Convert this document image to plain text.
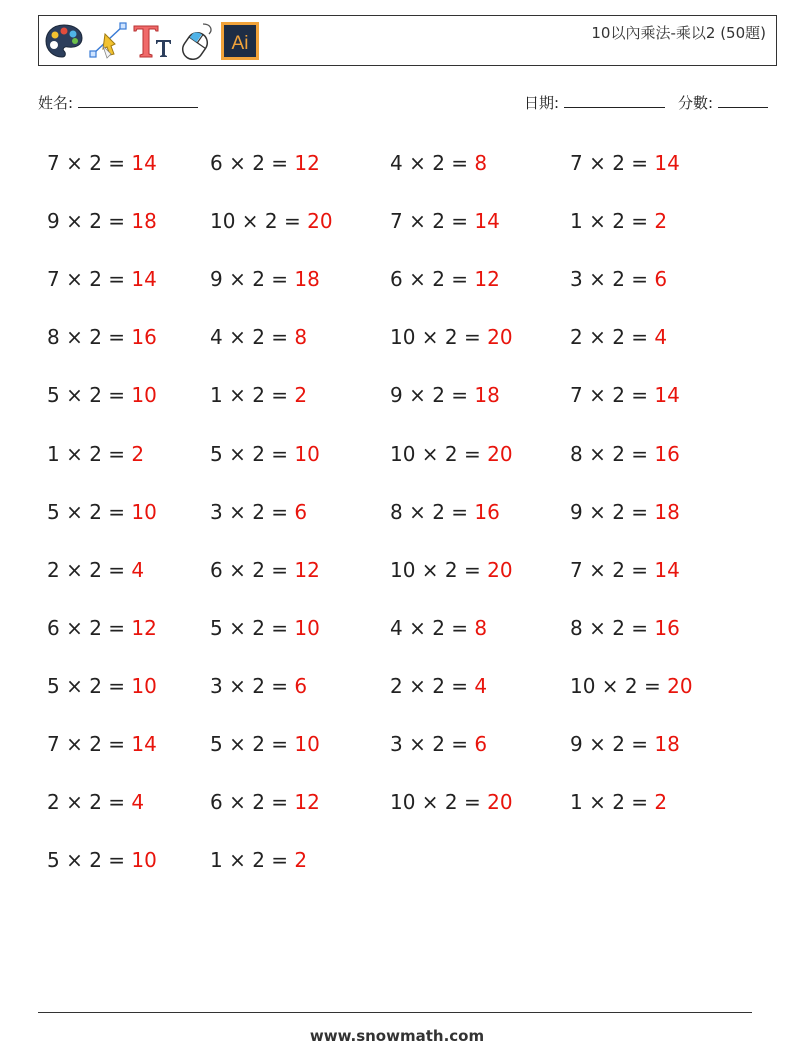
Ai	10以內乘法-乘以2 (50題)
姓名:	日期:	分數:
7 × 2 = 14	6 × 2 = 12	4 × 2 = 8	7 × 2 = 14
9 × 2 = 18	10 × 2 = 20	7 × 2 = 14	1 × 2 = 2
7 × 2 = 14	9 × 2 = 18	6 × 2 = 12	3 × 2 = 6
8 × 2 = 16	4 × 2 = 8	10 × 2 = 20	2 × 2 = 4
5 × 2 = 10	1 × 2 = 2	9 × 2 = 18	7 × 2 = 14
1 × 2 = 2	5 × 2 = 10	10 × 2 = 20	8 × 2 = 16
5 × 2 = 10	3 × 2 = 6	8 × 2 = 16	9 × 2 = 18
2 × 2 = 4	6 × 2 = 12	10 × 2 = 20	7 × 2 = 14
6 × 2 = 12	5 × 2 = 10	4 × 2 = 8	8 × 2 = 16
5 × 2 = 10	3 × 2 = 6	2 × 2 = 4	10 × 2 = 20
7 × 2 = 14	5 × 2 = 10	3 × 2 = 6	9 × 2 = 18
2 × 2 = 4	6 × 2 = 12	10 × 2 = 20	1 × 2 = 2
5 × 2 = 10	1 × 2 = 2
www.snowmath.com
